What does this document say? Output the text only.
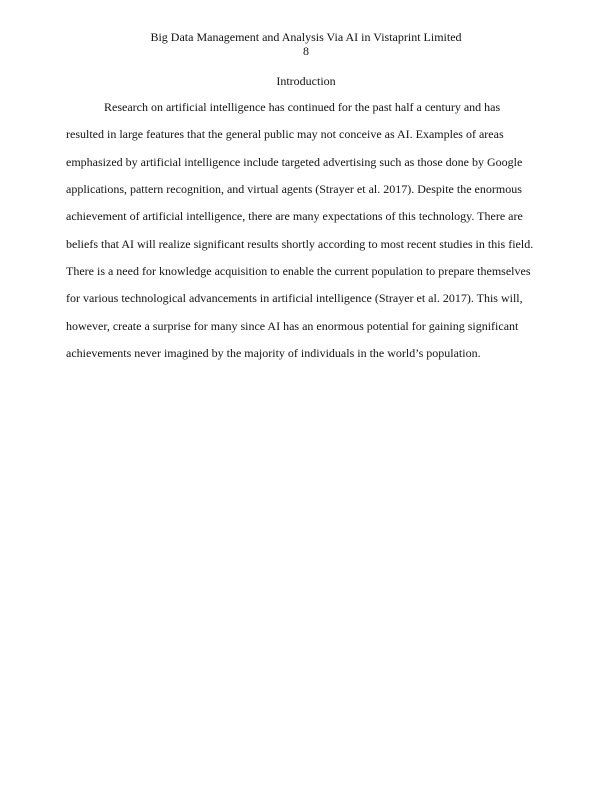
Big Data Management and Analysis Via AI in Vistaprint Limited
8
Introduction
Research on artificial intelligence has continued for the past half a century and has
resulted in large features that the general public may not conceive as AI. Examples of areas
emphasized by artificial intelligence include targeted advertising such as those done by Google
applications, pattern recognition, and virtual agents (Strayer et al. 2017). Despite the enormous
achievement of artificial intelligence, there are many expectations of this technology. There are
beliefs that AI will realize significant results shortly according to most recent studies in this field.
There is a need for knowledge acquisition to enable the current population to prepare themselves
for various technological advancements in artificial intelligence (Strayer et al. 2017). This will,
however, create a surprise for many since AI has an enormous potential for gaining significant
achievements never imagined by the majority of individuals in the world’s population.
